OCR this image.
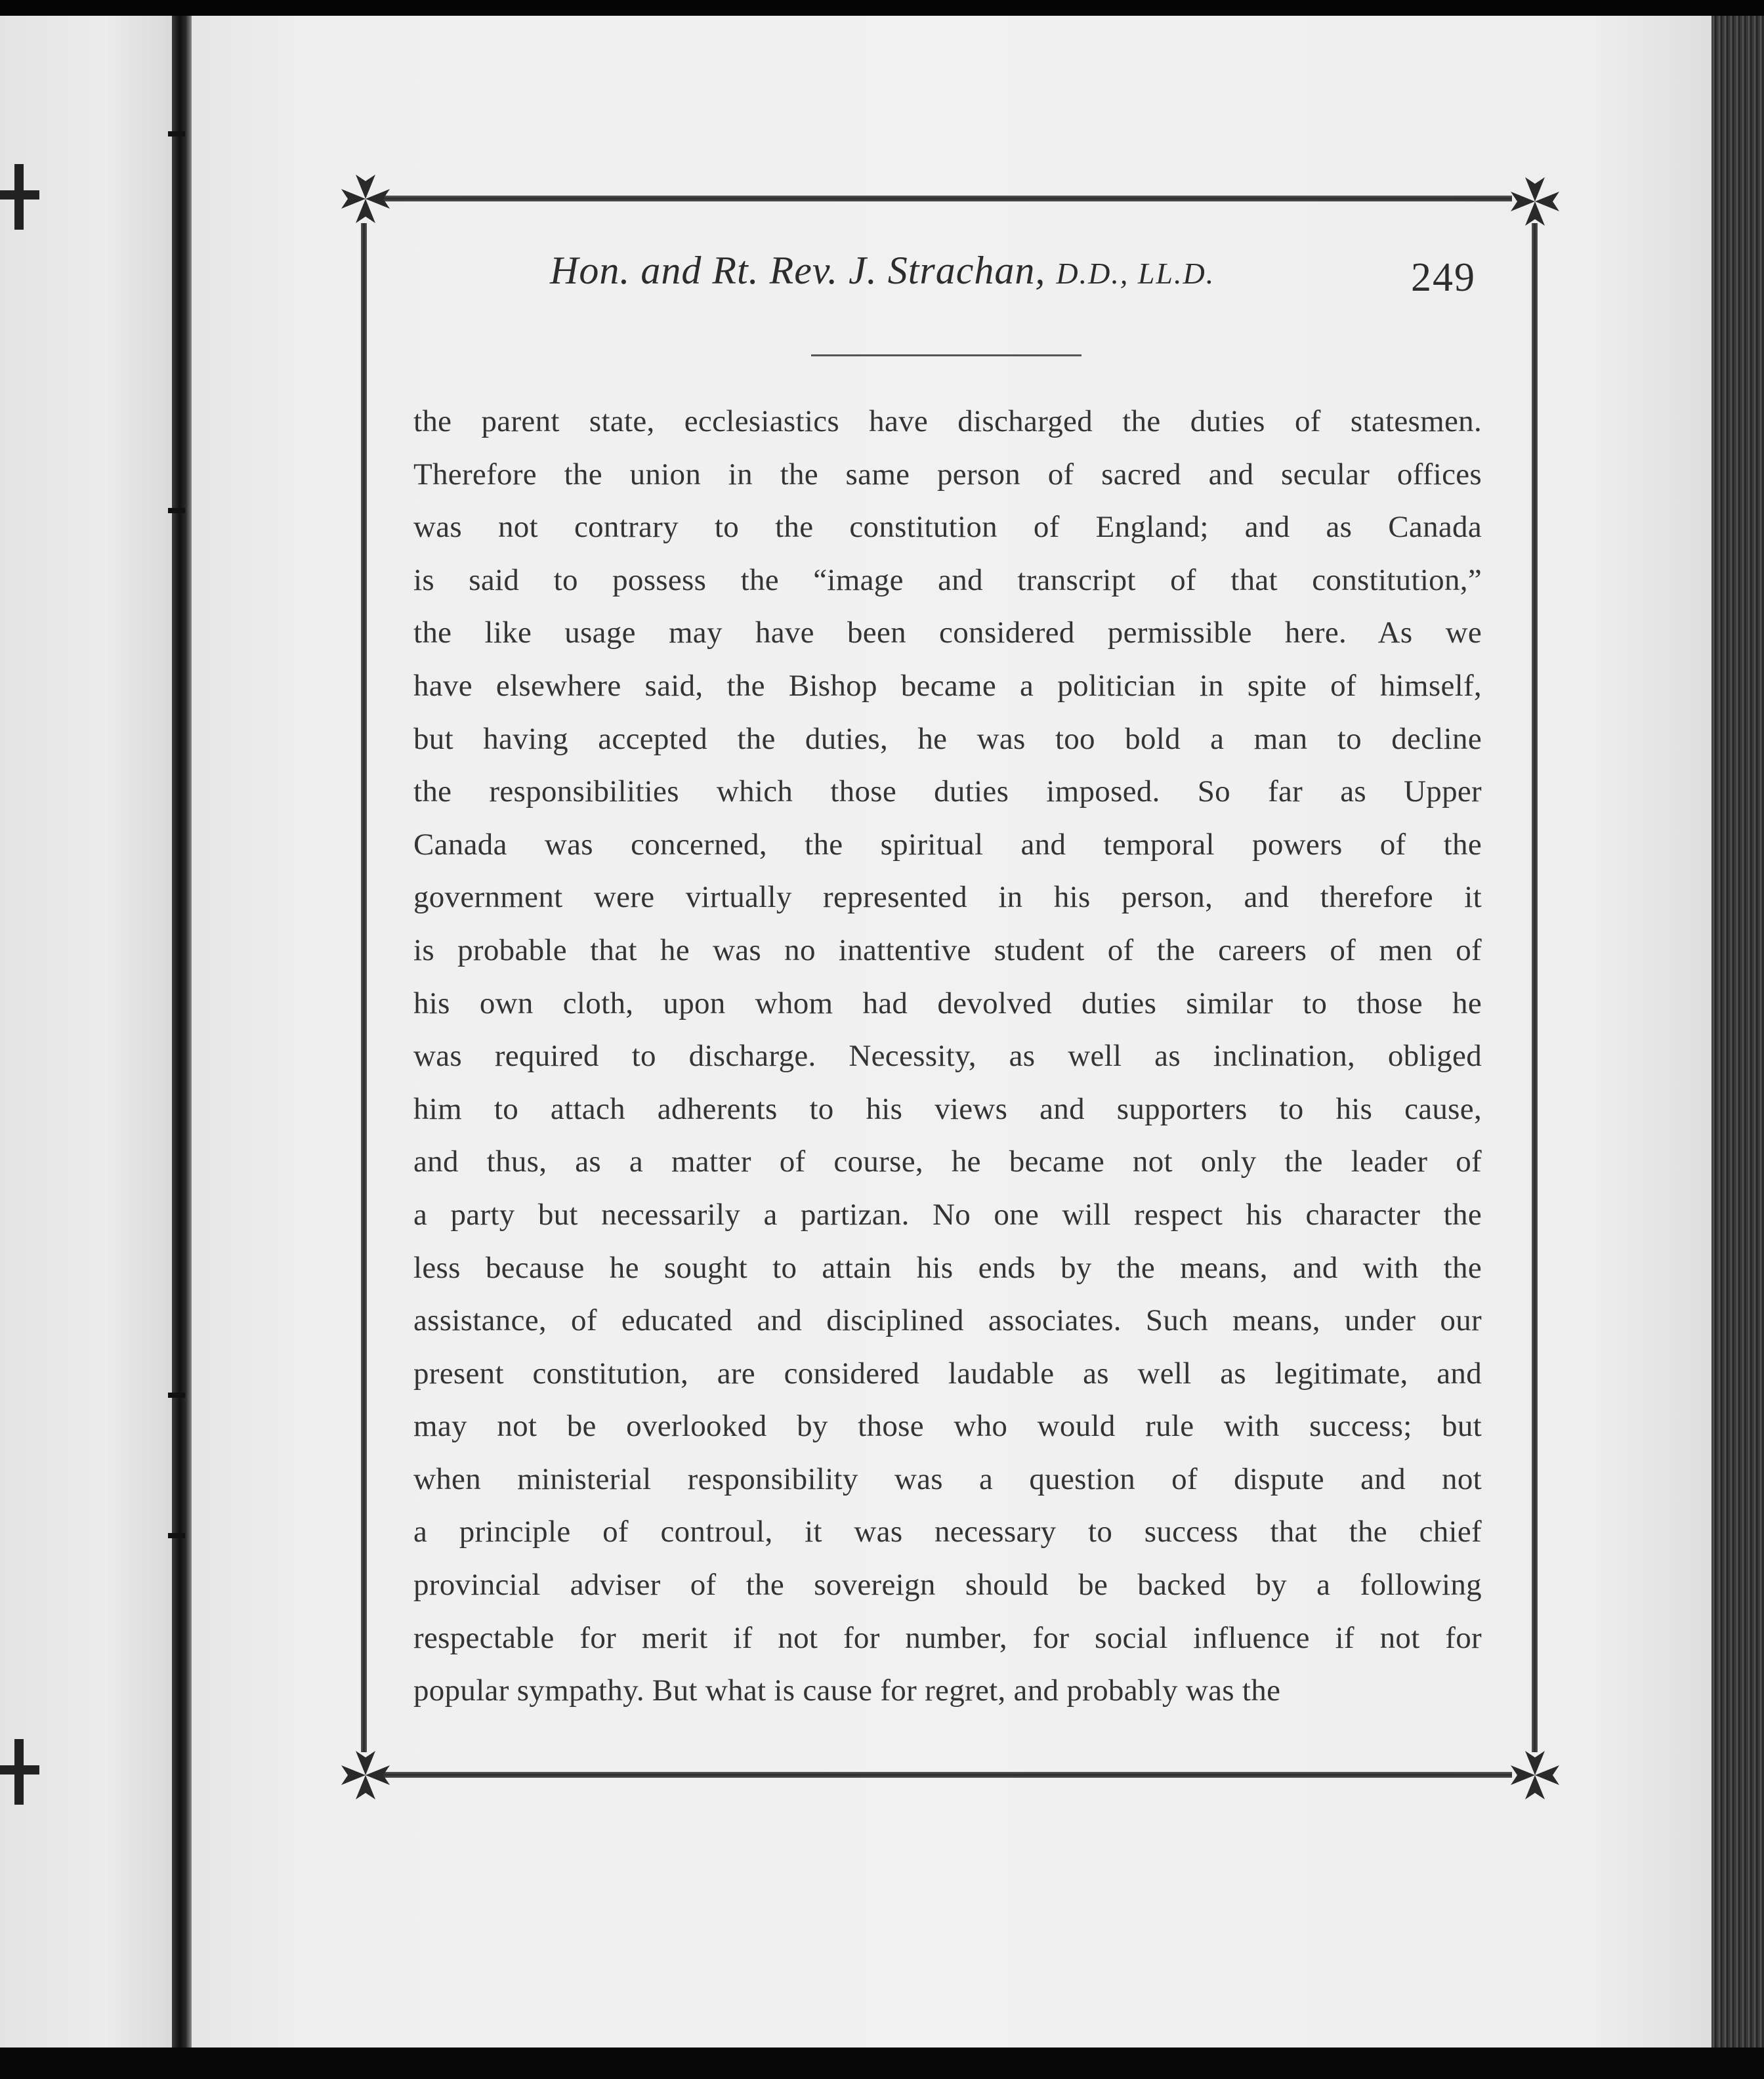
Hon. and Rt. Rev. J. Strachan, D.D., LL.D.	249
the parent state, ecclesiastics have discharged the duties of statesmen.
Therefore the union in the same person of sacred and secular offices
was not contrary to the constitution of England; and as Canada
is said to possess the “image and transcript of that constitution,”
the like usage may have been considered permissible here. As we
have elsewhere said, the Bishop became a politician in spite of himself,
but having accepted the duties, he was too bold a man to decline
the responsibilities which those duties imposed. So far as Upper
Canada was concerned, the spiritual and temporal powers of the
government were virtually represented in his person, and therefore it
is probable that he was no inattentive student of the careers of men of
his own cloth, upon whom had devolved duties similar to those he
was required to discharge. Necessity, as well as inclination, obliged
him to attach adherents to his views and supporters to his cause,
and thus, as a matter of course, he became not only the leader of
a party but necessarily a partizan. No one will respect his character the
less because he sought to attain his ends by the means, and with the
assistance, of educated and disciplined associates. Such means, under our
present constitution, are considered laudable as well as legitimate, and
may not be overlooked by those who would rule with success; but
when ministerial responsibility was a question of dispute and not
a principle of controul, it was necessary to success that the chief
provincial adviser of the sovereign should be backed by a following
respectable for merit if not for number, for social influence if not for
popular sympathy. But what is cause for regret, and probably was the
